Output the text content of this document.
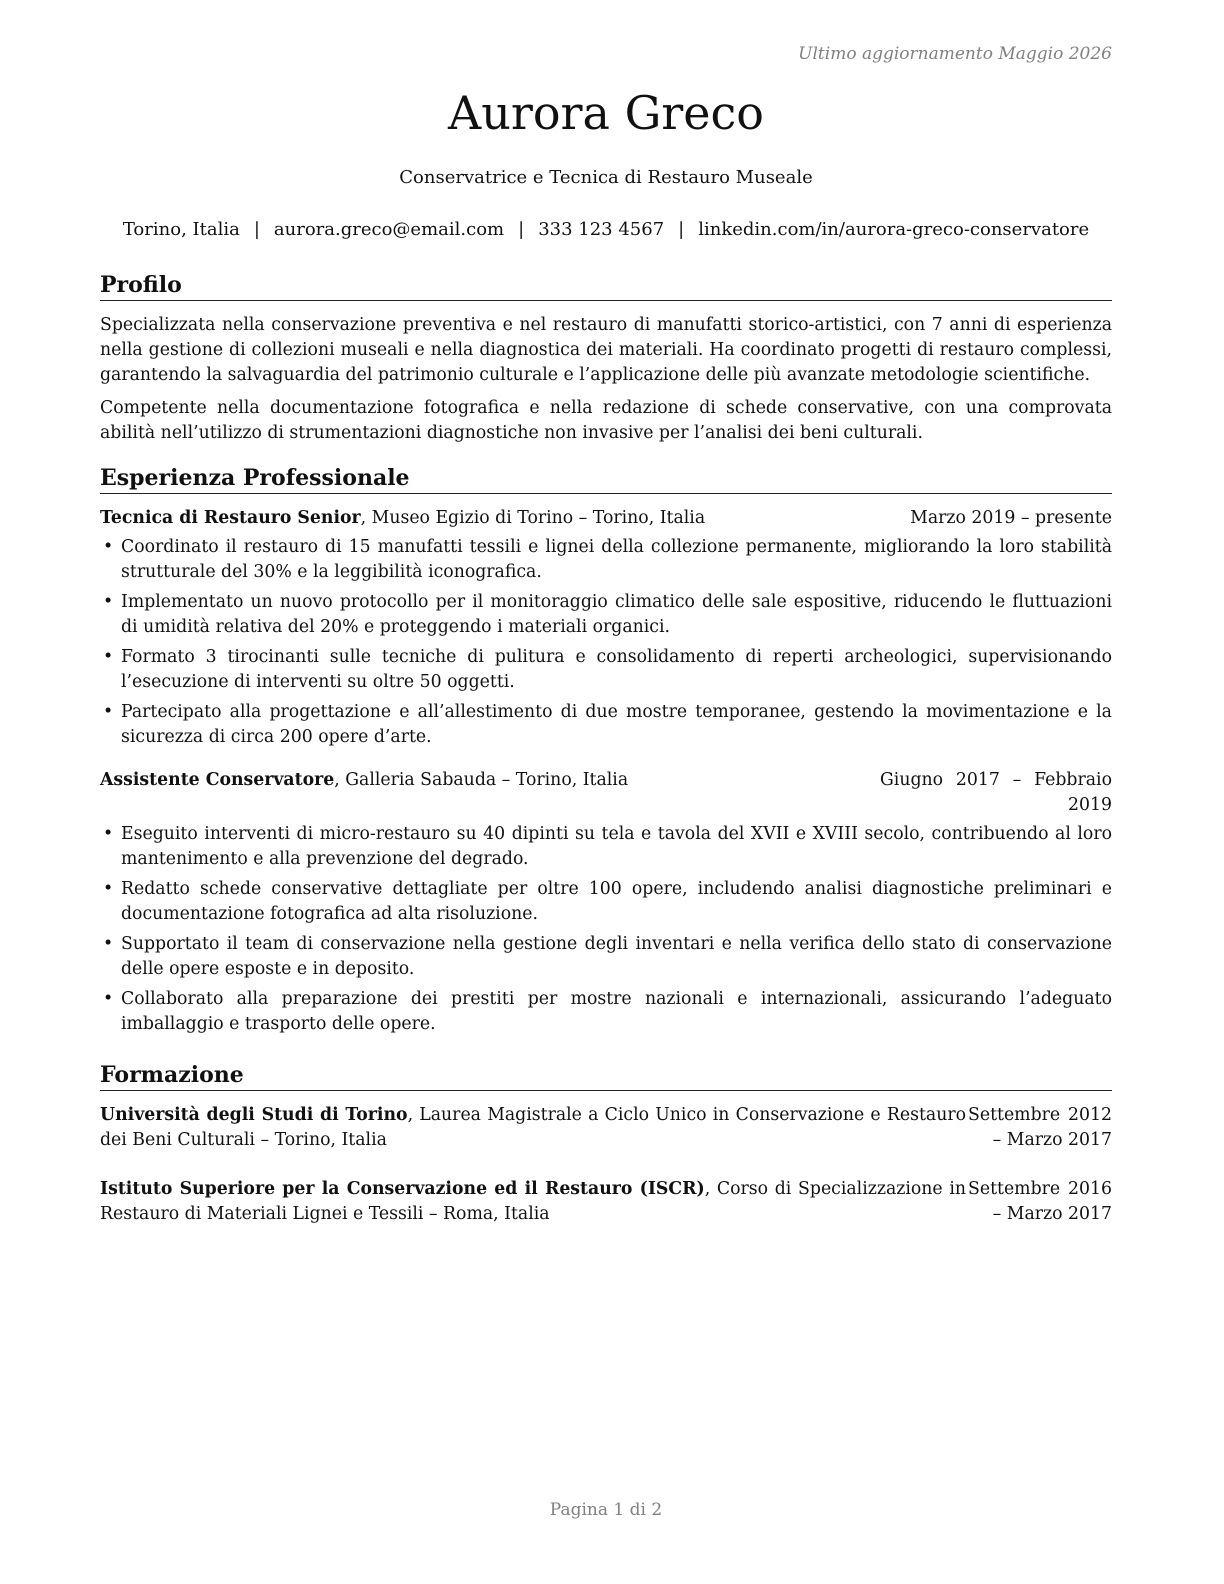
Ultimo aggiornamento Maggio 2026
Aurora Greco
Conservatrice e Tecnica di Restauro Museale
Torino, Italia | aurora.greco@email.com | 333 123 4567 | linkedin.com/in/aurora-greco-conservatore
Profilo

Specializzata nella conservazione preventiva e nel restauro di manufatti storico-artistici, con 7 anni di esperienza nella gestione di collezioni museali e nella diagnostica dei materiali. Ha coordinato progetti di restauro complessi, garantendo la salvaguardia del patrimonio culturale e l’applicazione delle più avanzate metodologie scientifiche.

Competente nella documentazione fotografica e nella redazione di schede conservative, con una comprovata abilità nell’utilizzo di strumentazioni diagnostiche non invasive per l’analisi dei beni culturali.

Esperienza Professionale
Tecnica di Restauro Senior, Museo Egizio di Torino – Torino, Italia	Marzo 2019 – presente
• Coordinato il restauro di 15 manufatti tessili e lignei della collezione permanente, migliorando la loro stabilità strutturale del 30% e la leggibilità iconografica.
• Implementato un nuovo protocollo per il monitoraggio climatico delle sale espositive, riducendo le fluttuazioni di umidità relativa del 20% e proteggendo i materiali organici.
• Formato 3 tirocinanti sulle tecniche di pulitura e consolidamento di reperti archeologici, supervisionando l’esecuzione di interventi su oltre 50 oggetti.
• Partecipato alla progettazione e all’allestimento di due mostre temporanee, gestendo la movimentazione e la sicurezza di circa 200 opere d’arte.
Assistente Conservatore, Galleria Sabauda – Torino, Italia	Giugno 2017 – Febbraio 2019
• Eseguito interventi di micro-restauro su 40 dipinti su tela e tavola del XVII e XVIII secolo, contribuendo al loro mantenimento e alla prevenzione del degrado.
• Redatto schede conservative dettagliate per oltre 100 opere, includendo analisi diagnostiche preliminari e documentazione fotografica ad alta risoluzione.
• Supportato il team di conservazione nella gestione degli inventari e nella verifica dello stato di conservazione delle opere esposte e in deposito.
• Collaborato alla preparazione dei prestiti per mostre nazionali e internazionali, assicurando l’adeguato imballaggio e trasporto delle opere.
Formazione
Università degli Studi di Torino, Laurea Magistrale a Ciclo Unico in Conservazione e Restauro dei Beni Culturali – Torino, Italia
Settembre 2012 – Marzo 2017
Istituto Superiore per la Conservazione ed il Restauro (ISCR), Corso di Specializzazione in Restauro di Materiali Lignei e Tessili – Roma, Italia
Settembre 2016 – Marzo 2017
Pagina 1 di 2
